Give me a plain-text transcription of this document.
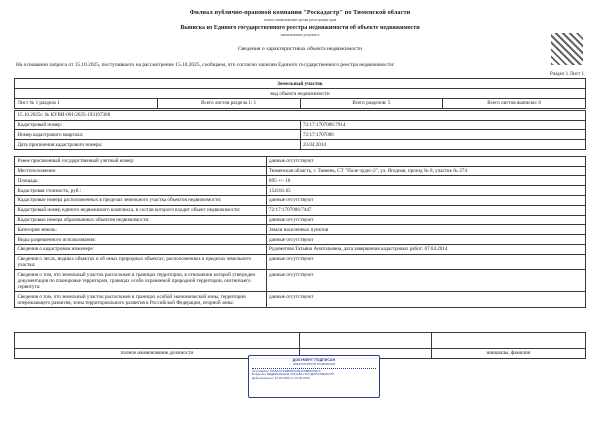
Филиал публично-правовой компании "Роскадастр" по Тюменской области
полное наименование органа регистрации прав
Выписка из Единого государственного реестра недвижимости об объекте недвижимости
наименование документа
Сведения о характеристиках объекта недвижимости
На основании запроса от 15.10.2025, поступившего на рассмотрение 15.10.2025, сообщаем, что согласно записям Единого государственного реестра недвижимости:
Раздел 1 Лист 1
Земельный участок
вид объекта недвижимости
Лист № 1 раздела 1	Всего листов раздела 1: 1	Всего разделов: 5	Всего листов выписки: 6
15.10.2025г. № КУВИ-001/2025-193197308	
Кадастровый номер:	72:17:1707006:7914
Номер кадастрового квартала:	72:17:1707006
Дата присвоения кадастрового номера:	23.04.2014
Ранее присвоенный государственный учетный номер:	данные отсутствуют
Местоположение:	Тюменская область, г. Тюмень, СТ "Поле чудес-2", ул. Ягодная, проезд № 8, участок № 274
Площадь:	895 +/- 10
Кадастровая стоимость, руб.:	154181.65
Кадастровые номера расположенных в пределах земельного участка объектов недвижимости:	данные отсутствуют
Кадастровый номер единого недвижимого комплекса, в состав которого входит объект недвижимости:	72:17:1707006:7447
Кадастровые номера образованных объектов недвижимости:	данные отсутствуют
Категория земель:	Земли населенных пунктов
Виды разрешенного использования:	данные отсутствуют
Сведения о кадастровом инженере:	Рудометова Татьяна Анатольевна, дата завершения кадастровых работ: 07.04.2014
Сведения о лесах, водных объектах и об иных природных объектах, расположенных в пределах земельного участка:	данные отсутствуют
Сведения о том, что земельный участок расположен в границах территории, в отношении которой утвержден документация по планировке территории, границах особо охраняемой природной территории, охотничьего сервитута:	данные отсутствуют
Сведения о том, что земельный участок расположен в границах особой экономической зоны, территории опережающего развития, зоны территориального развития в Российской Федерации, игорной зоны:	данные отсутствуют

полное наименование должности		инициалы, фамилия
ДОКУМЕНТ ПОДПИСАН
ЭЛЕКТРОННОЙ ПОДПИСЬЮ
Сертификат 0145А7C300B2D3A4E1F88B9C0D7A
Владелец ФЕДЕРАЛЬНАЯ СЛУЖБА ГОСУДАРСТВЕННОЙ
Действителен с 12.03.2025 по 12.06.2026
